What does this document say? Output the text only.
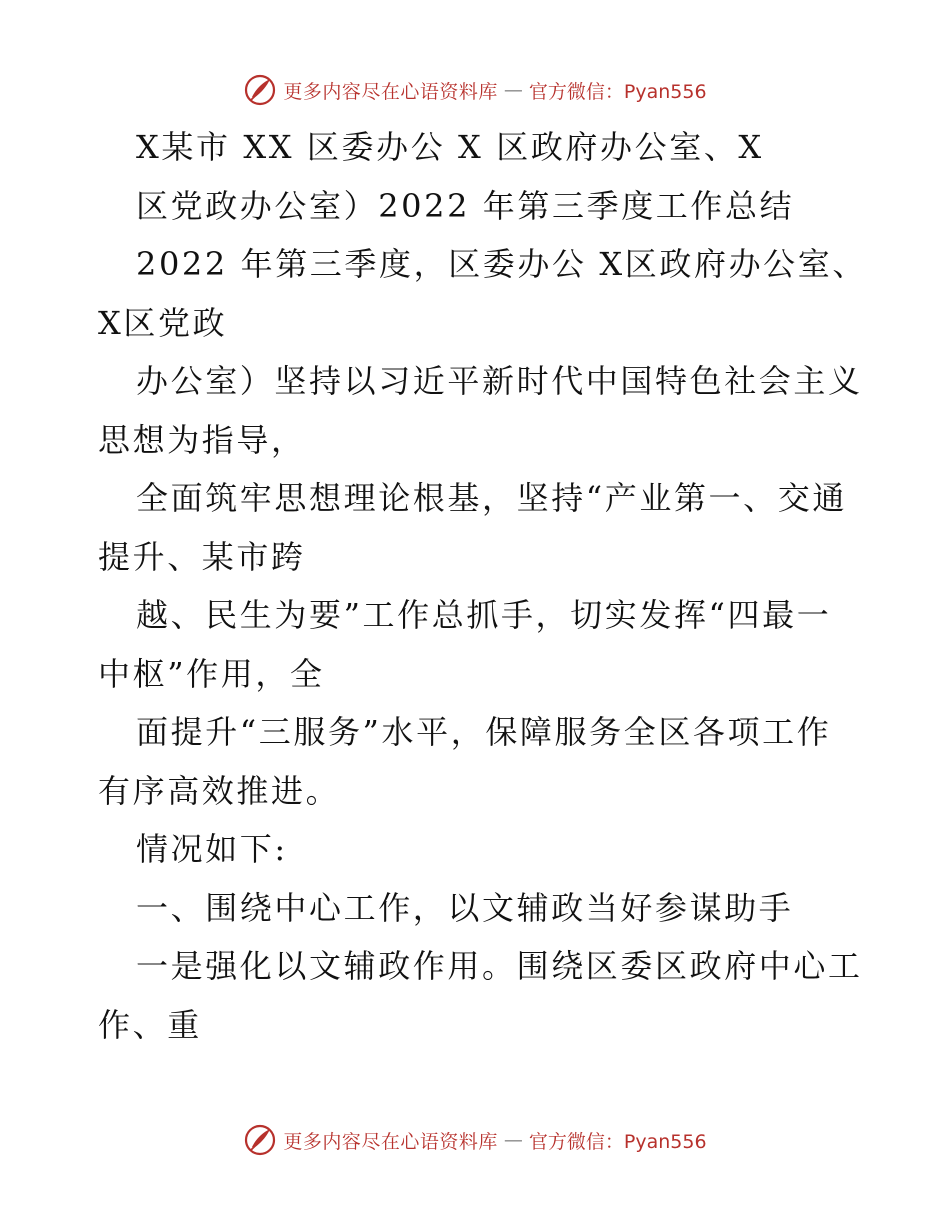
更多内容尽在心语资料库 — 官方微信：Pyan556
X某市 XX 区委办公 X 区政府办公室、X
区党政办公室）2022 年第三季度工作总结
2022 年第三季度，区委办公 X区政府办公室、
X区党政
办公室）坚持以习近平新时代中国特色社会主义
思想为指导，
全面筑牢思想理论根基，坚持“产业第一、交通
提升、某市跨
越、民生为要”工作总抓手，切实发挥“四最一
中枢”作用，全
面提升“三服务”水平，保障服务全区各项工作
有序高效推进。
情况如下:
一、围绕中心工作，以文辅政当好参谋助手
一是强化以文辅政作用。围绕区委区政府中心工
作、重
更多内容尽在心语资料库 — 官方微信：Pyan556
